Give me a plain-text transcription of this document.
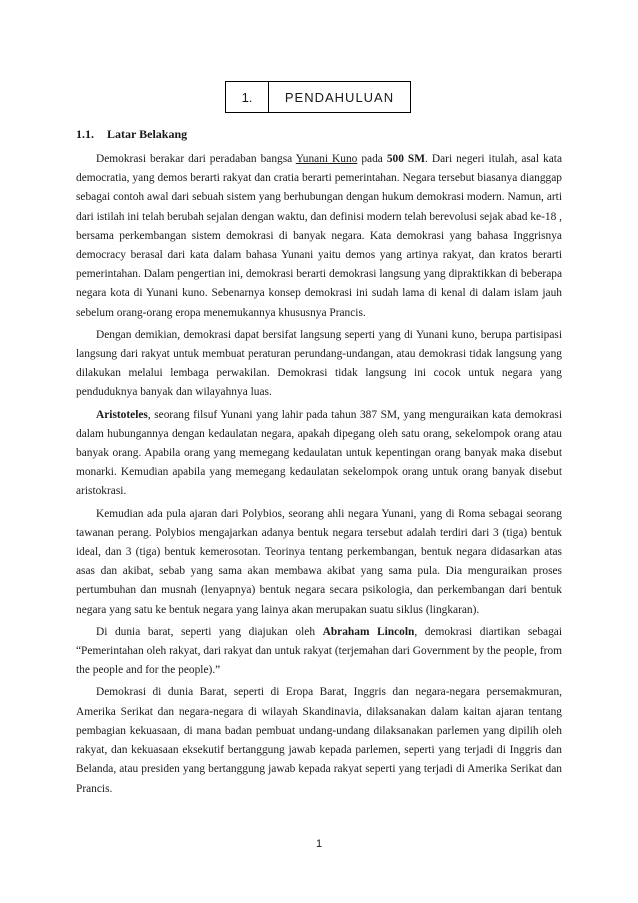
1.	PENDAHULUAN
1.1. Latar Belakang

Demokrasi berakar dari peradaban bangsa Yunani Kuno pada 500 SM. Dari negeri itulah, asal kata democratia, yang demos berarti rakyat dan cratia berarti pemerintahan. Negara tersebut biasanya dianggap sebagai contoh awal dari sebuah sistem yang berhubungan dengan hukum demokrasi modern. Namun, arti dari istilah ini telah berubah sejalan dengan waktu, dan definisi modern telah berevolusi sejak abad ke-18 , bersama perkembangan sistem demokrasi di banyak negara. Kata demokrasi yang bahasa Inggrisnya democracy berasal dari kata dalam bahasa Yunani yaitu demos yang artinya rakyat, dan kratos berarti pemerintahan. Dalam pengertian ini, demokrasi berarti demokrasi langsung yang dipraktikkan di beberapa negara kota di Yunani kuno. Sebenarnya konsep demokrasi ini sudah lama di kenal di dalam islam jauh sebelum orang-orang eropa menemukannya khususnya Prancis.

Dengan demikian, demokrasi dapat bersifat langsung seperti yang di Yunani kuno, berupa partisipasi langsung dari rakyat untuk membuat peraturan perundang-undangan, atau demokrasi tidak langsung yang dilakukan melalui lembaga perwakilan. Demokrasi tidak langsung ini cocok untuk negara yang penduduknya banyak dan wilayahnya luas.

Aristoteles, seorang filsuf Yunani yang lahir pada tahun 387 SM, yang menguraikan kata demokrasi dalam hubungannya dengan kedaulatan negara, apakah dipegang oleh satu orang, sekelompok orang atau banyak orang. Apabila orang yang memegang kedaulatan untuk kepentingan orang banyak maka disebut monarki. Kemudian apabila yang memegang kedaulatan sekelompok orang untuk orang banyak disebut aristokrasi.

Kemudian ada pula ajaran dari Polybios, seorang ahli negara Yunani, yang di Roma sebagai seorang tawanan perang. Polybios mengajarkan adanya bentuk negara tersebut adalah terdiri dari 3 (tiga) bentuk ideal, dan 3 (tiga) bentuk kemerosotan. Teorinya tentang perkembangan, bentuk negara didasarkan atas asas dan akibat, sebab yang sama akan membawa akibat yang sama pula. Dia menguraikan proses pertumbuhan dan musnah (lenyapnya) bentuk negara secara psikologia, dan perkembangan dari bentuk negara yang satu ke bentuk negara yang lainya akan merupakan suatu siklus (lingkaran).

Di dunia barat, seperti yang diajukan oleh Abraham Lincoln, demokrasi diartikan sebagai “Pemerintahan oleh rakyat, dari rakyat dan untuk rakyat (terjemahan dari Government by the people, from the people and for the people).”

Demokrasi di dunia Barat, seperti di Eropa Barat, Inggris dan negara-negara persemakmuran, Amerika Serikat dan negara-negara di wilayah Skandinavia, dilaksanakan dalam kaitan ajaran tentang pembagian kekuasaan, di mana badan pembuat undang-undang dilaksanakan parlemen yang dipilih oleh rakyat, dan kekuasaan eksekutif bertanggung jawab kepada parlemen, seperti yang terjadi di Inggris dan Belanda, atau presiden yang bertanggung jawab kepada rakyat seperti yang terjadi di Amerika Serikat dan Prancis.

1
